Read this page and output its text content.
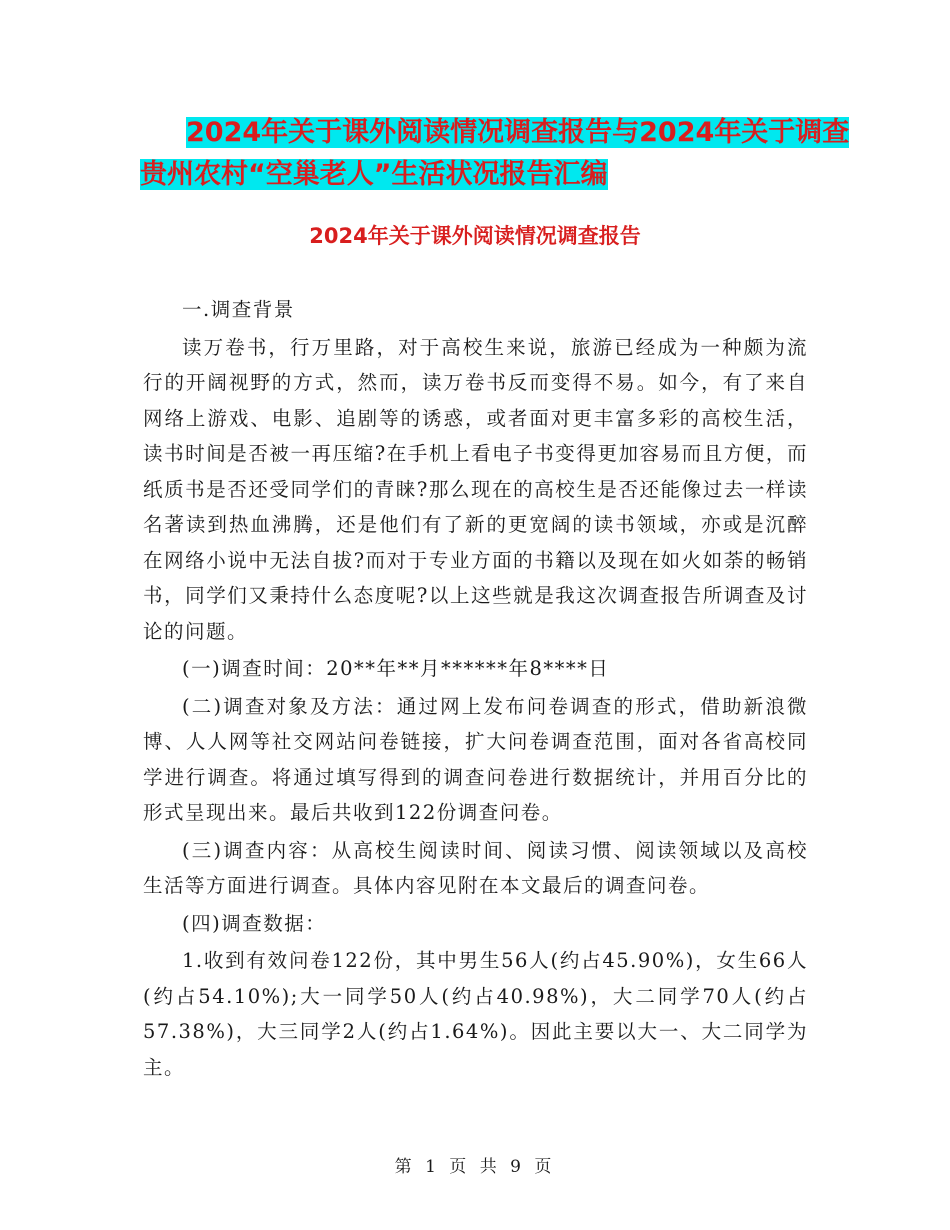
2024年关于课外阅读情况调查报告与2024年关于调查
贵州农村“空巢老人”生活状况报告汇编
2024年关于课外阅读情况调查报告

一.调查背景

读万卷书，行万里路，对于高校生来说，旅游已经成为一种颇为流行的开阔视野的方式，然而，读万卷书反而变得不易。如今，有了来自网络上游戏、电影、追剧等的诱惑，或者面对更丰富多彩的高校生活，读书时间是否被一再压缩?在手机上看电子书变得更加容易而且方便，而纸质书是否还受同学们的青睐?那么现在的高校生是否还能像过去一样读名著读到热血沸腾，还是他们有了新的更宽阔的读书领域，亦或是沉醉在网络小说中无法自拔?而对于专业方面的书籍以及现在如火如荼的畅销书，同学们又秉持什么态度呢?以上这些就是我这次调查报告所调查及讨论的问题。

(一)调查时间：20**年**月******年8****日

(二)调查对象及方法：通过网上发布问卷调查的形式，借助新浪微博、人人网等社交网站问卷链接，扩大问卷调查范围，面对各省高校同学进行调查。将通过填写得到的调查问卷进行数据统计，并用百分比的形式呈现出来。最后共收到122份调查问卷。

(三)调查内容：从高校生阅读时间、阅读习惯、阅读领域以及高校生活等方面进行调查。具体内容见附在本文最后的调查问卷。

(四)调查数据：

1.收到有效问卷122份，其中男生56人(约占45.90%)，女生66人(约占54.10%);大一同学50人(约占40.98%)，大二同学70人(约占57.38%)，大三同学2人(约占1.64%)。因此主要以大一、大二同学为主。

第 1 页 共 9 页
